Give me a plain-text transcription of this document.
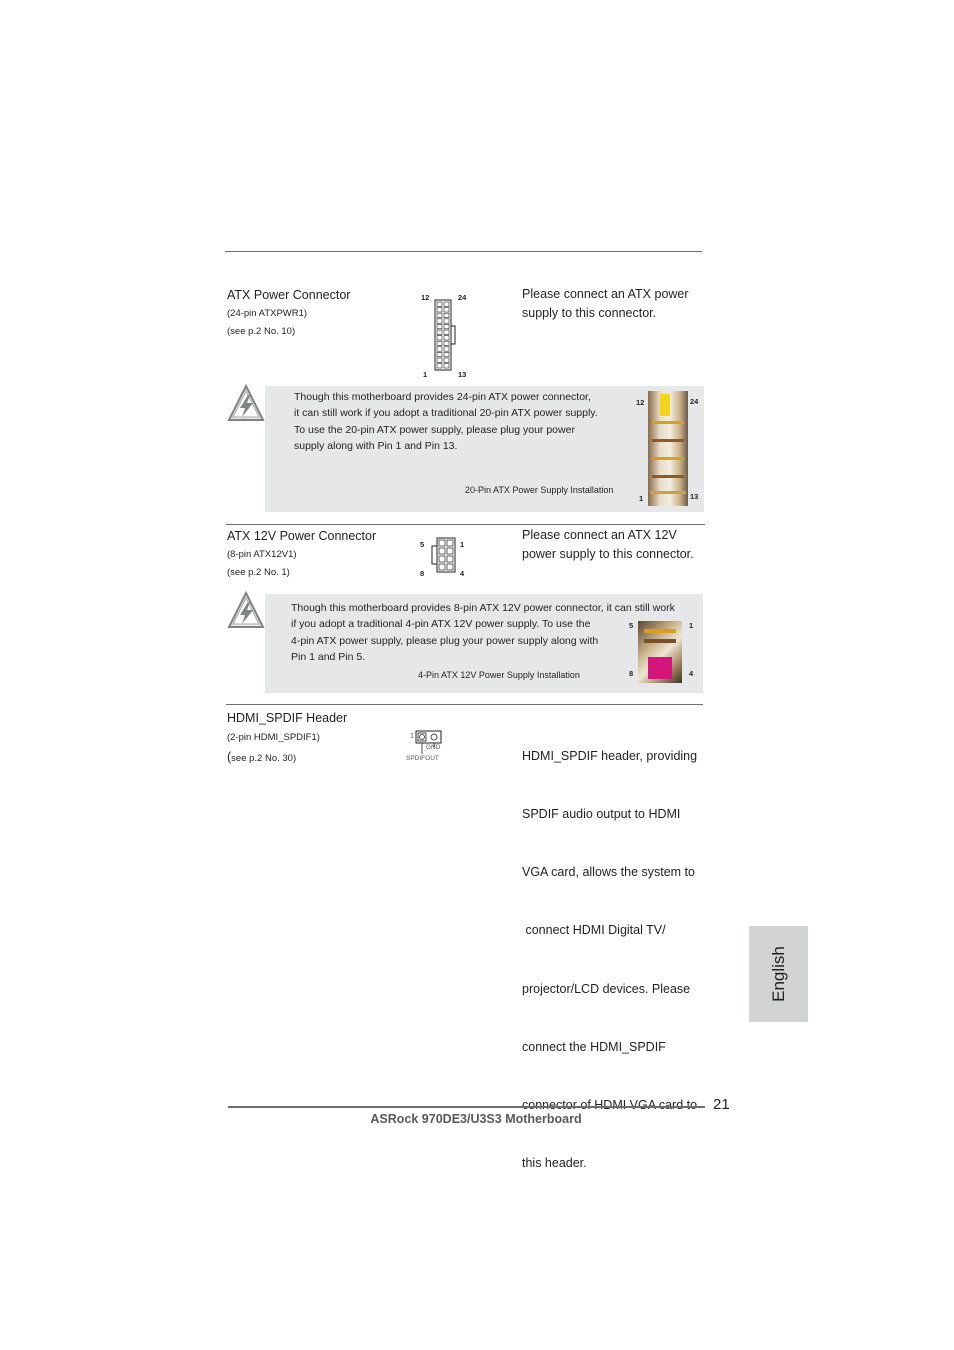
ATX Power Connector
(24-pin ATXPWR1)
(see p.2 No. 10)
12	24
1	13
Please connect an ATX power
supply to this connector.
Though this motherboard provides 24-pin ATX power connector,
it can still work if you adopt a traditional 20-pin ATX power supply.
To use the 20-pin ATX power supply, please plug your power
supply along with Pin 1 and Pin 13.
20-Pin ATX Power Supply Installation
12	24
1	13
ATX 12V Power Connector
(8-pin ATX12V1)
(see p.2 No. 1)
5	1
8	4
Please connect an ATX 12V
power supply to this connector.
Though this motherboard provides 8-pin ATX 12V power connector, it can still work
if you adopt a traditional 4-pin ATX 12V power supply. To use the
4-pin ATX power supply, please plug your power supply along with
Pin 1 and Pin 5.
4-Pin ATX 12V Power Supply Installation
5	1
8	4
HDMI_SPDIF Header
(2-pin HDMI_SPDIF1)
(see p.2 No. 30)
1
GND
SPDIFOUT

	HDMI_SPDIF header, providing

SPDIF audio output to HDMI

VGA card, allows the system to

connect HDMI Digital TV/

projector/LCD devices. Please

connect the HDMI_SPDIF

this header.

English
21
ASRock 970DE3/U3S3 Motherboard
